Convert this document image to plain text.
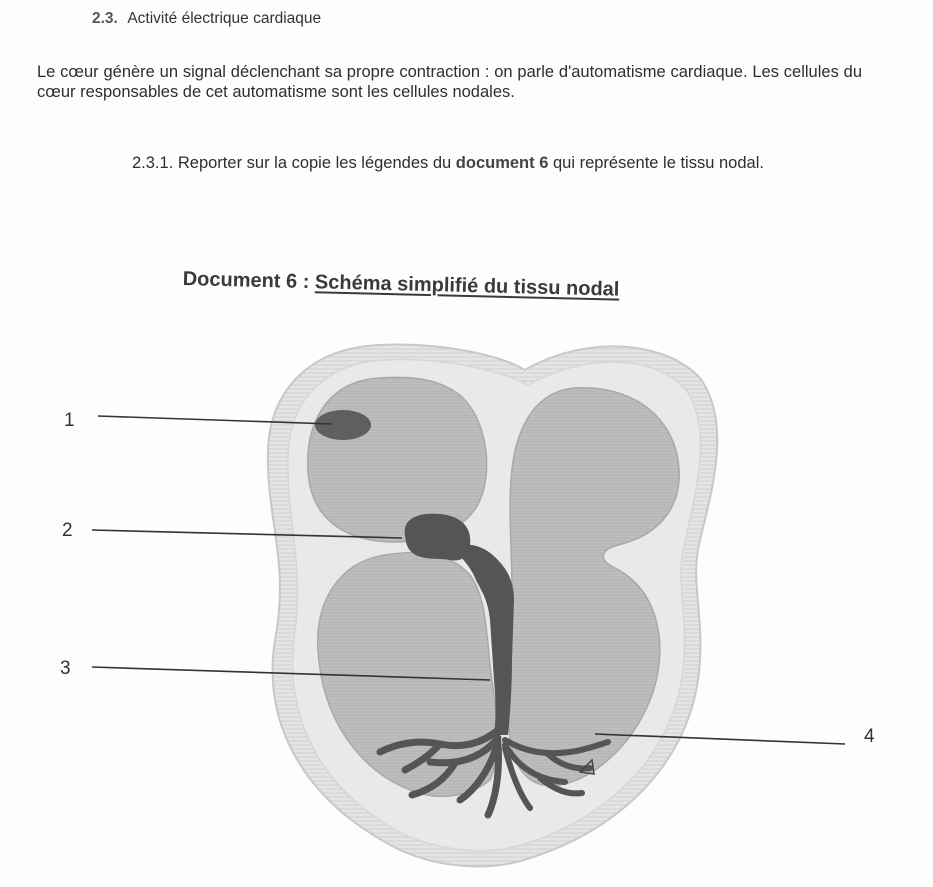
2.3. Activité électrique cardiaque

Le cœur génère un signal déclenchant sa propre contraction : on parle d'automatisme cardiaque. Les cellules du cœur responsables de cet automatisme sont les cellules nodales.

2.3.1. Reporter sur la copie les légendes du document 6 qui représente le tissu nodal.

Document 6 : Schéma simplifié du tissu nodal
1
2
3
4
